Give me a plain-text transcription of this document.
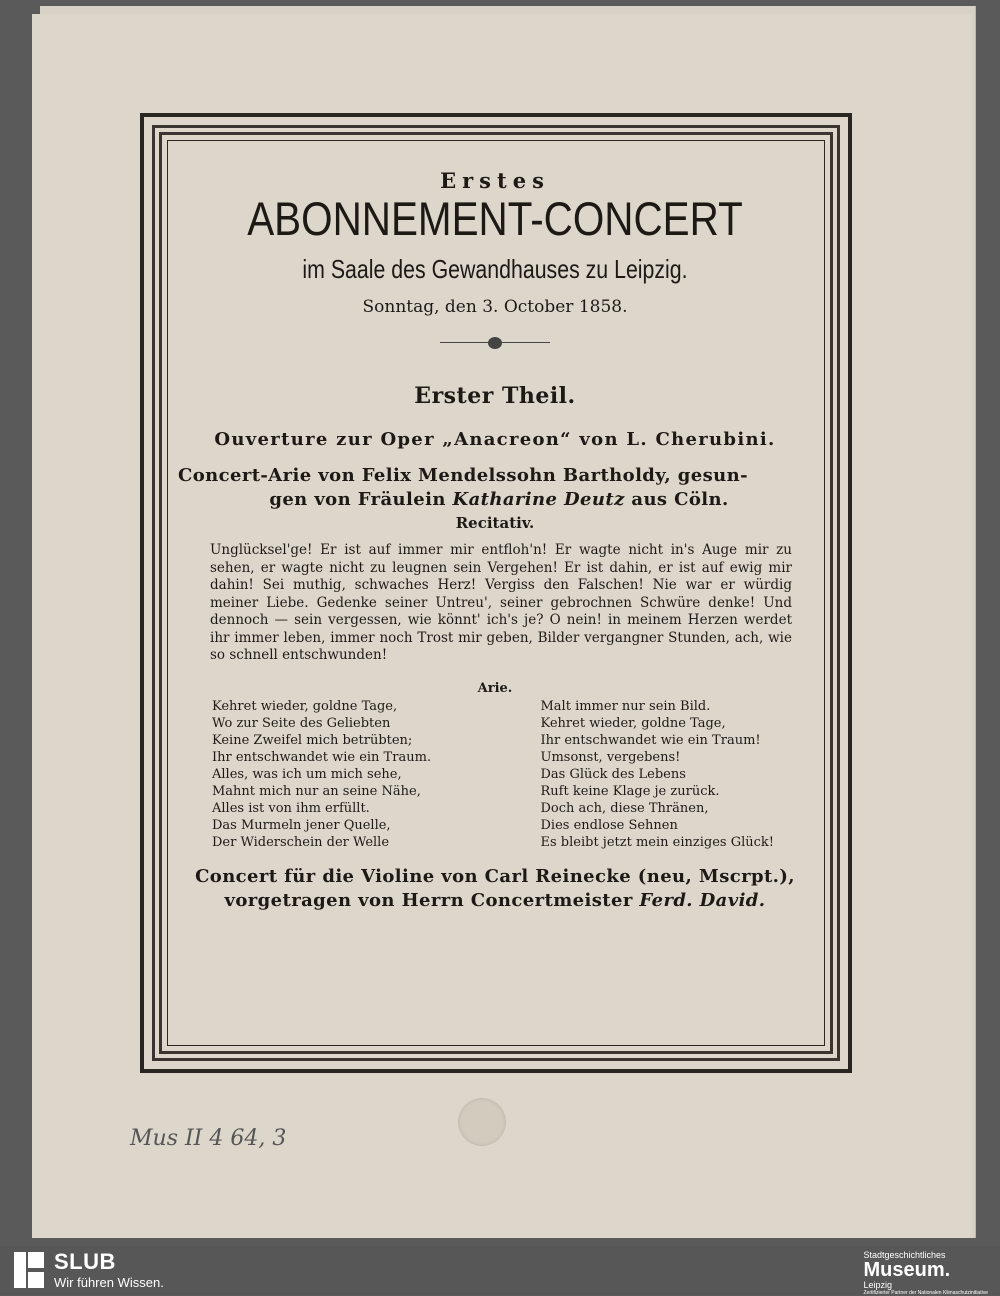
Erstes
ABONNEMENT-CONCERT
im Saale des Gewandhauses zu Leipzig.
Sonntag, den 3. October 1858.
Erster Theil.
Ouverture zur Oper „Anacreon“ von L. Cherubini.
Concert-Arie von Felix Mendelssohn Bartholdy, gesun-
gen von Fräulein Katharine Deutz aus Cöln.
Recitativ.
Unglücksel'ge! Er ist auf immer mir entfloh'n! Er wagte nicht in's Auge mir zu sehen, er wagte nicht zu leugnen sein Vergehen! Er ist dahin, er ist auf ewig mir dahin! Sei muthig, schwaches Herz! Vergiss den Falschen! Nie war er würdig meiner Liebe. Gedenke seiner Untreu', seiner gebrochnen Schwüre denke! Und dennoch — sein vergessen, wie könnt' ich's je? O nein! in meinem Herzen werdet ihr immer leben, immer noch Trost mir geben, Bilder vergangner Stunden, ach, wie so schnell entschwunden!
Arie.
Kehret wieder, goldne Tage,
Wo zur Seite des Geliebten
Keine Zweifel mich betrübten;
Ihr entschwandet wie ein Traum.
Alles, was ich um mich sehe,
Mahnt mich nur an seine Nähe,
Alles ist von ihm erfüllt.
Das Murmeln jener Quelle,
Der Widerschein der Welle
Malt immer nur sein Bild.
Kehret wieder, goldne Tage,
Ihr entschwandet wie ein Traum!
Umsonst, vergebens!
Das Glück des Lebens
Ruft keine Klage je zurück.
Doch ach, diese Thränen,
Dies endlose Sehnen
Es bleibt jetzt mein einziges Glück!
Concert für die Violine von Carl Reinecke (neu, Mscrpt.),
vorgetragen von Herrn Concertmeister Ferd. David.
Mus II 4 64, 3
SLUB
Wir führen Wissen.
Stadtgeschichtliches
Museum.
Leipzig
Zertifizierter Partner der Nationalen Klimaschutzinitiative
